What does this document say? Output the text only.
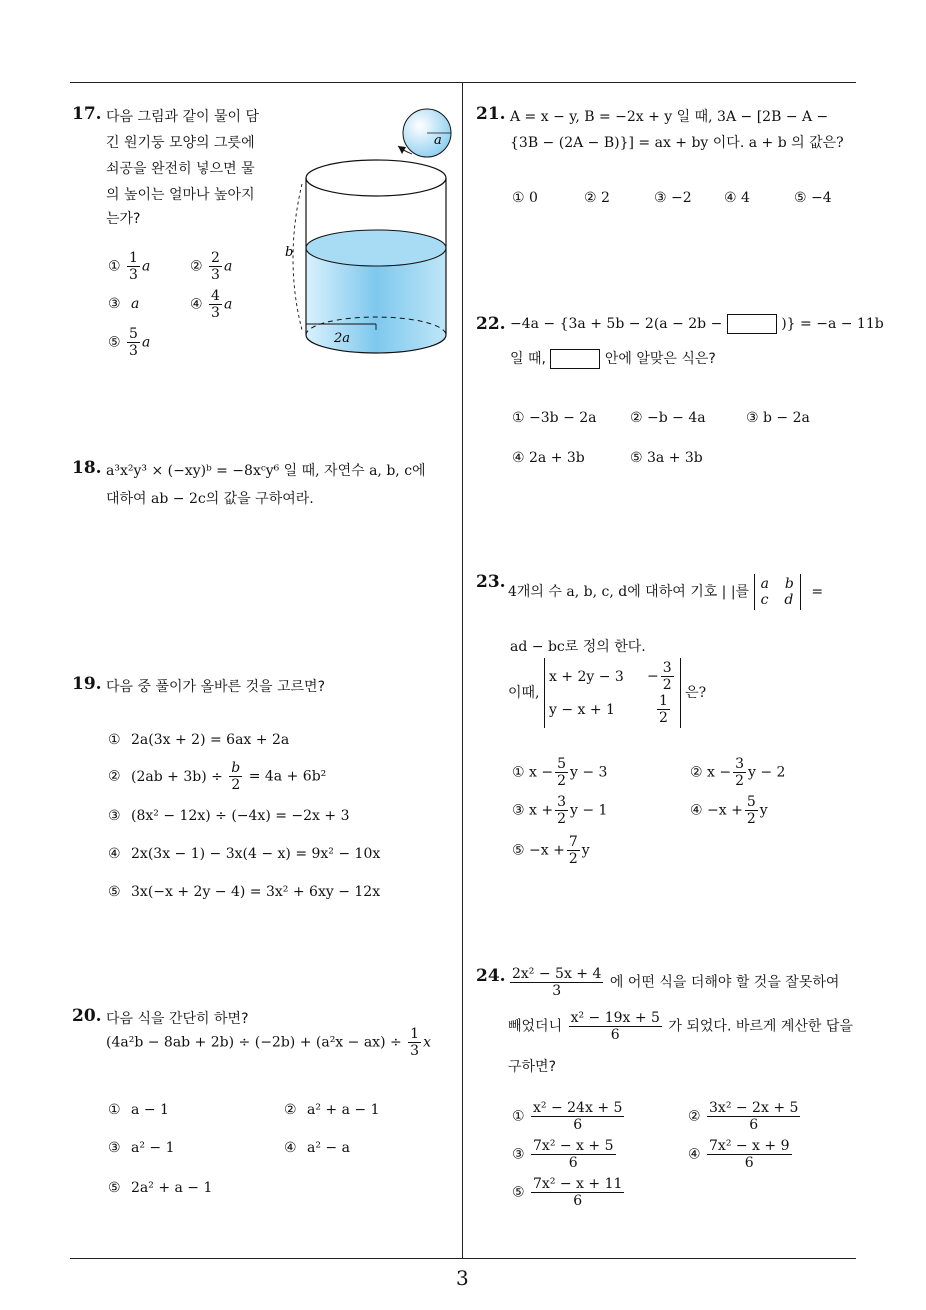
17. 다음 그림과 같이 물이 담
긴 원기둥 모양의 그릇에
쇠공을 완전히 넣으면 물
의 높이는 얼마나 높아지
는가?
① $\frac{1}{3}$ a	② $\frac{2}{3}$ a
③ a	④ $\frac{4}{3}$ a
⑤ $\frac{5}{3}$ a
a
b
2a
18. a³x²y³ × (−xy)ᵇ = −8xᶜy⁶ 일 때, 자연수 a, b, c에
대하여 ab − 2c의 값을 구하여라.
19. 다음 중 풀이가 올바른 것을 고르면?
① 2a(3x + 2) = 6ax + 2a
② $(2ab + 3b) \div \frac{b}{2} = 4a + 6b^2$
③ (8x² − 12x) ÷ (−4x) = −2x + 3
④ 2x(3x − 1) − 3x(4 − x) = 9x² − 10x
⑤ 3x(−x + 2y − 4) = 3x² + 6xy − 12x
20. 다음 식을 간단히 하면?
$(4a^2b - 8ab + 2b) \div (-2b) + (a^2x - ax) \div \frac{1}{3}$ x
① a − 1	② a² + a − 1
③ a² − 1	④ a² − a
⑤ 2a² + a − 1
21. A = x − y, B = −2x + y 일 때, 3A − [2B − A −
{3B − (2A − B)}] = ax + by 이다. a + b 의 값은?
① 0	② 2	③ −2 ④ 4	⑤ −4
22. −4a − {3a + 5b − 2(a − 2b −	)} = −a − 11b
일 때,	안에 알맞은 식은?
① −3b − 2a ② −b − 4a	③ b − 2a
④ 2a + 3b	⑤ 3a + 3b
23. 4개의 수 a, b, c, d에 대하여 기호 | |를 a b
c d =
ad − bc로 정의 한다.
이때,
x + 2y − 3	− $\frac{3}{2}$
y − x + 1	$\frac{1}{2}$ 은?
① $x - \frac{5}{2}$ y − 3	② $x - \frac{3}{2}$ y − 2
③ $x + \frac{3}{2}$ y − 1	④ $-x + \frac{5}{2}$ y
⑤ $-x + \frac{7}{2}$ y
24. $\frac{\text{2x² − 5x + 4}}{3}$ 에 어떤 식을 더해야 할 것을 잘못하여
빼었더니 $\frac{\text{x² − 19x + 5}}{6}$ 가 되었다. 바르게 계산한 답을
구하면?
① $\frac{\text{x² − 24x + 5}}{6}$	② $\frac{\text{3x² − 2x + 5}}{6}$
③ $\frac{\text{7x² − x + 5}}{6}$	④ $\frac{\text{7x² − x + 9}}{6}$
⑤ $\frac{\text{7x² − x + 11}}{6}$
3
